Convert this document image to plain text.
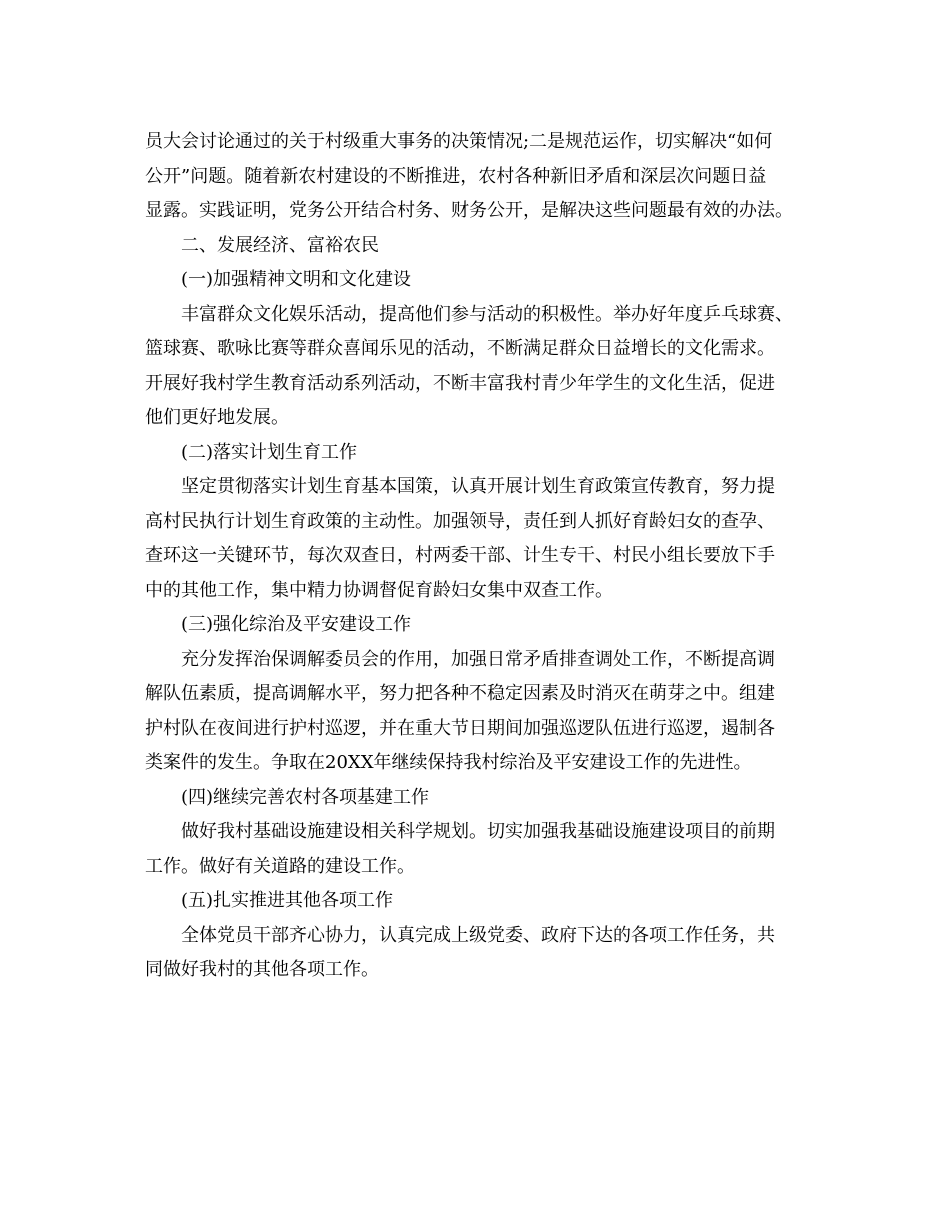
员大会讨论通过的关于村级重大事务的决策情况;二是规范运作，切实解决“如何
公开”问题。随着新农村建设的不断推进，农村各种新旧矛盾和深层次问题日益
显露。实践证明，党务公开结合村务、财务公开，是解决这些问题最有效的办法。
二、发展经济、富裕农民
(一)加强精神文明和文化建设
丰富群众文化娱乐活动，提高他们参与活动的积极性。举办好年度乒乓球赛、
篮球赛、歌咏比赛等群众喜闻乐见的活动，不断满足群众日益增长的文化需求。
开展好我村学生教育活动系列活动，不断丰富我村青少年学生的文化生活，促进
他们更好地发展。
(二)落实计划生育工作
坚定贯彻落实计划生育基本国策，认真开展计划生育政策宣传教育，努力提
高村民执行计划生育政策的主动性。加强领导，责任到人抓好育龄妇女的查孕、
查环这一关键环节，每次双查日，村两委干部、计生专干、村民小组长要放下手
中的其他工作，集中精力协调督促育龄妇女集中双查工作。
(三)强化综治及平安建设工作
充分发挥治保调解委员会的作用，加强日常矛盾排查调处工作，不断提高调
解队伍素质，提高调解水平，努力把各种不稳定因素及时消灭在萌芽之中。组建
护村队在夜间进行护村巡逻，并在重大节日期间加强巡逻队伍进行巡逻，遏制各
类案件的发生。争取在20XX年继续保持我村综治及平安建设工作的先进性。
(四)继续完善农村各项基建工作
做好我村基础设施建设相关科学规划。切实加强我基础设施建设项目的前期
工作。做好有关道路的建设工作。
(五)扎实推进其他各项工作
全体党员干部齐心协力，认真完成上级党委、政府下达的各项工作任务，共
同做好我村的其他各项工作。
